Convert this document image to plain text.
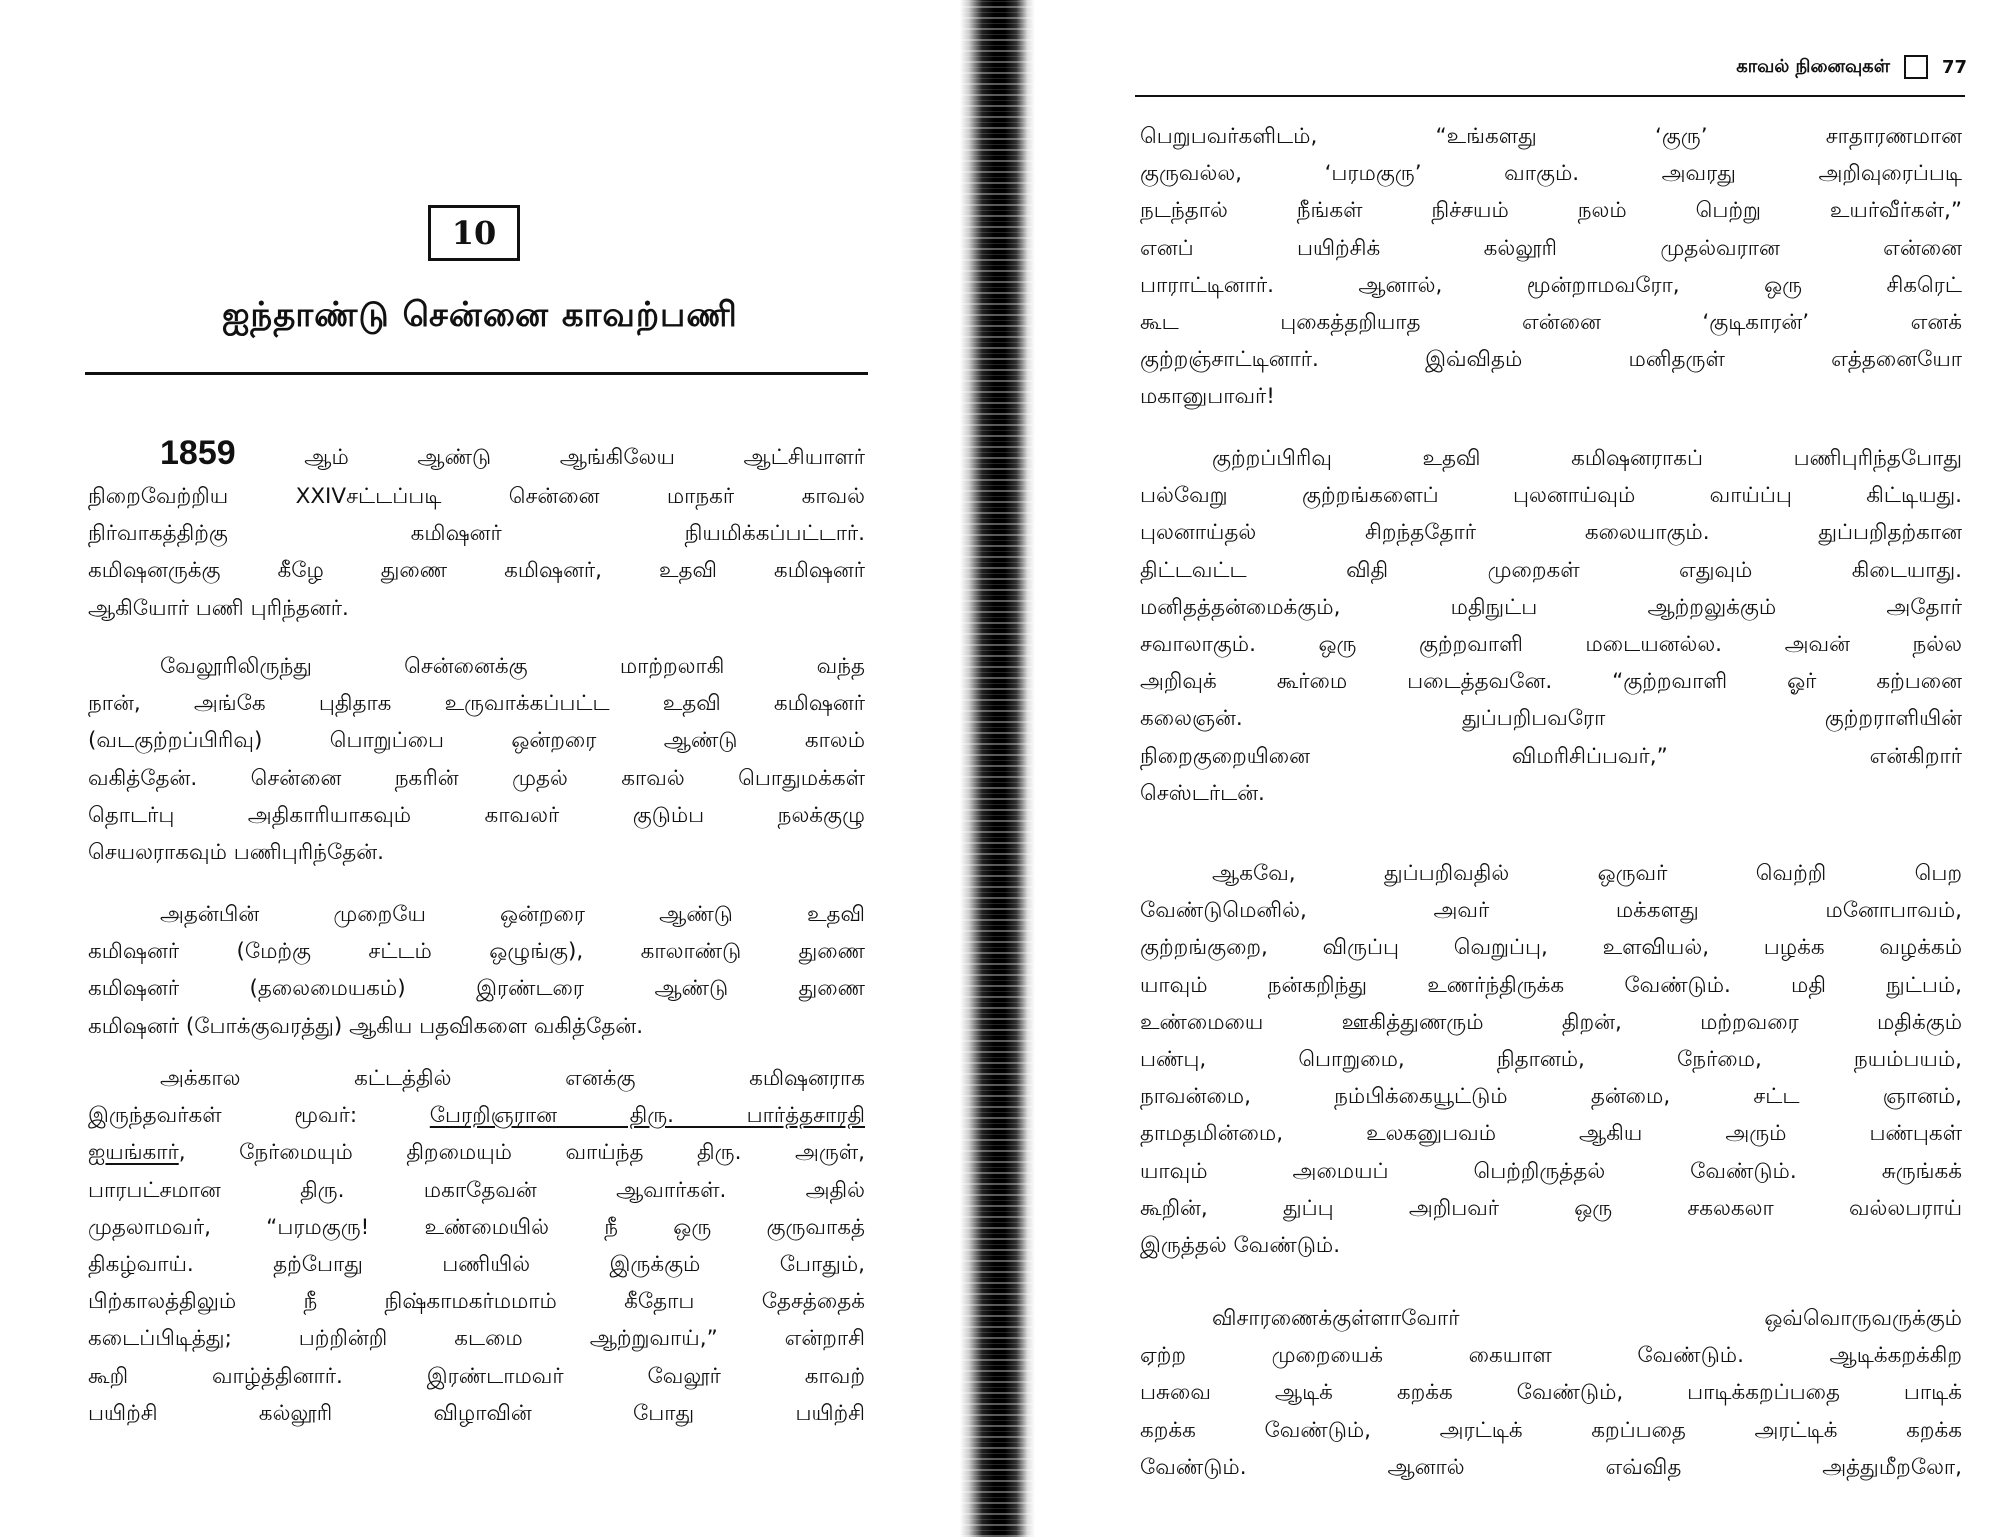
10
ஐந்தாண்டு சென்னை காவற்பணி
1859 ஆம் ஆண்டு ஆங்கிலேய ஆட்சியாளர்
நிறைவேற்றிய XXIVசட்டப்படி சென்னை மாநகர் காவல்
நிர்வாகத்திற்கு கமிஷனர் நியமிக்கப்பட்டார்.
கமிஷனருக்கு கீழே துணை கமிஷனர், உதவி கமிஷனர்
ஆகியோர் பணி புரிந்தனர்.
வேலூரிலிருந்து சென்னைக்கு மாற்றலாகி வந்த
நான், அங்கே புதிதாக உருவாக்கப்பட்ட உதவி கமிஷனர்
(வடகுற்றப்பிரிவு) பொறுப்பை ஒன்றரை ஆண்டு காலம்
வகித்தேன். சென்னை நகரின் முதல் காவல் பொதுமக்கள்
தொடர்பு அதிகாரியாகவும் காவலர் குடும்ப நலக்குழு
செயலராகவும் பணிபுரிந்தேன்.
அதன்பின் முறையே ஒன்றரை ஆண்டு உதவி
கமிஷனர் (மேற்கு சட்டம் ஒழுங்கு), காலாண்டு துணை
கமிஷனர் (தலைமையகம்) இரண்டரை ஆண்டு துணை
கமிஷனர் (போக்குவரத்து) ஆகிய பதவிகளை வகித்தேன்.
அக்கால கட்டத்தில் எனக்கு கமிஷனராக
இருந்தவர்கள் மூவர்: பேரறிஞரான திரு. பார்த்தசாரதி
ஐயங்கார், நேர்மையும் திறமையும் வாய்ந்த திரு. அருள்,
பாரபட்சமான திரு. மகாதேவன் ஆவார்கள். அதில்
முதலாமவர், “பரமகுரு! உண்மையில் நீ ஒரு குருவாகத்
திகழ்வாய். தற்போது பணியில் இருக்கும் போதும்,
பிற்காலத்திலும் நீ நிஷ்காமகர்மமாம் கீதோப தேசத்தைக்
கடைப்பிடித்து; பற்றின்றி கடமை ஆற்றுவாய்,” என்றாசி
கூறி வாழ்த்தினார். இரண்டாமவர் வேலூர் காவற்
பயிற்சி கல்லூரி விழாவின் போது பயிற்சி
காவல் நினைவுகள்	77
பெறுபவர்களிடம், “உங்களது ‘குரு’ சாதாரணமான
குருவல்ல, ‘பரமகுரு’ வாகும். அவரது அறிவுரைப்படி
நடந்தால் நீங்கள் நிச்சயம் நலம் பெற்று உயர்வீர்கள்,”
எனப் பயிற்சிக் கல்லூரி முதல்வரான என்னை
பாராட்டினார். ஆனால், மூன்றாமவரோ, ஒரு சிகரெட்
கூட புகைத்தறியாத என்னை ‘குடிகாரன்’ எனக்
குற்றஞ்சாட்டினார். இவ்விதம் மனிதருள் எத்தனையோ
மகானுபாவர்!
குற்றப்பிரிவு உதவி கமிஷனராகப் பணிபுரிந்தபோது
பல்வேறு குற்றங்களைப் புலனாய்வும் வாய்ப்பு கிட்டியது.
புலனாய்தல் சிறந்ததோர் கலையாகும். துப்பறிதற்கான
திட்டவட்ட விதி முறைகள் எதுவும் கிடையாது.
மனிதத்தன்மைக்கும், மதிநுட்ப ஆற்றலுக்கும் அதோர்
சவாலாகும். ஒரு குற்றவாளி மடையனல்ல. அவன் நல்ல
அறிவுக் கூர்மை படைத்தவனே. “குற்றவாளி ஓர் கற்பனை
கலைஞன். துப்பறிபவரோ குற்றராளியின்
நிறைகுறையினை விமரிசிப்பவர்,” என்கிறார்
செஸ்டர்டன்.
ஆகவே, துப்பறிவதில் ஒருவர் வெற்றி பெற
வேண்டுமெனில், அவர் மக்களது மனோபாவம்,
குற்றங்குறை, விருப்பு வெறுப்பு, உளவியல், பழக்க வழக்கம்
யாவும் நன்கறிந்து உணர்ந்திருக்க வேண்டும். மதி நுட்பம்,
உண்மையை ஊகித்துணரும் திறன், மற்றவரை மதிக்கும்
பண்பு, பொறுமை, நிதானம், நேர்மை, நயம்பயம்,
நாவன்மை, நம்பிக்கையூட்டும் தன்மை, சட்ட ஞானம்,
தாமதமின்மை, உலகனுபவம் ஆகிய அரும் பண்புகள்
யாவும் அமையப் பெற்றிருத்தல் வேண்டும். சுருங்கக்
கூறின், துப்பு அறிபவர் ஒரு சகலகலா வல்லபராய்
இருத்தல் வேண்டும்.
விசாரணைக்குள்ளாவோர் ஒவ்வொருவருக்கும்
ஏற்ற முறையைக் கையாள வேண்டும். ஆடிக்கறக்கிற
பசுவை ஆடிக் கறக்க வேண்டும், பாடிக்கறப்பதை பாடிக்
கறக்க வேண்டும், அரட்டிக் கறப்பதை அரட்டிக் கறக்க
வேண்டும். ஆனால் எவ்வித அத்துமீறலோ,
